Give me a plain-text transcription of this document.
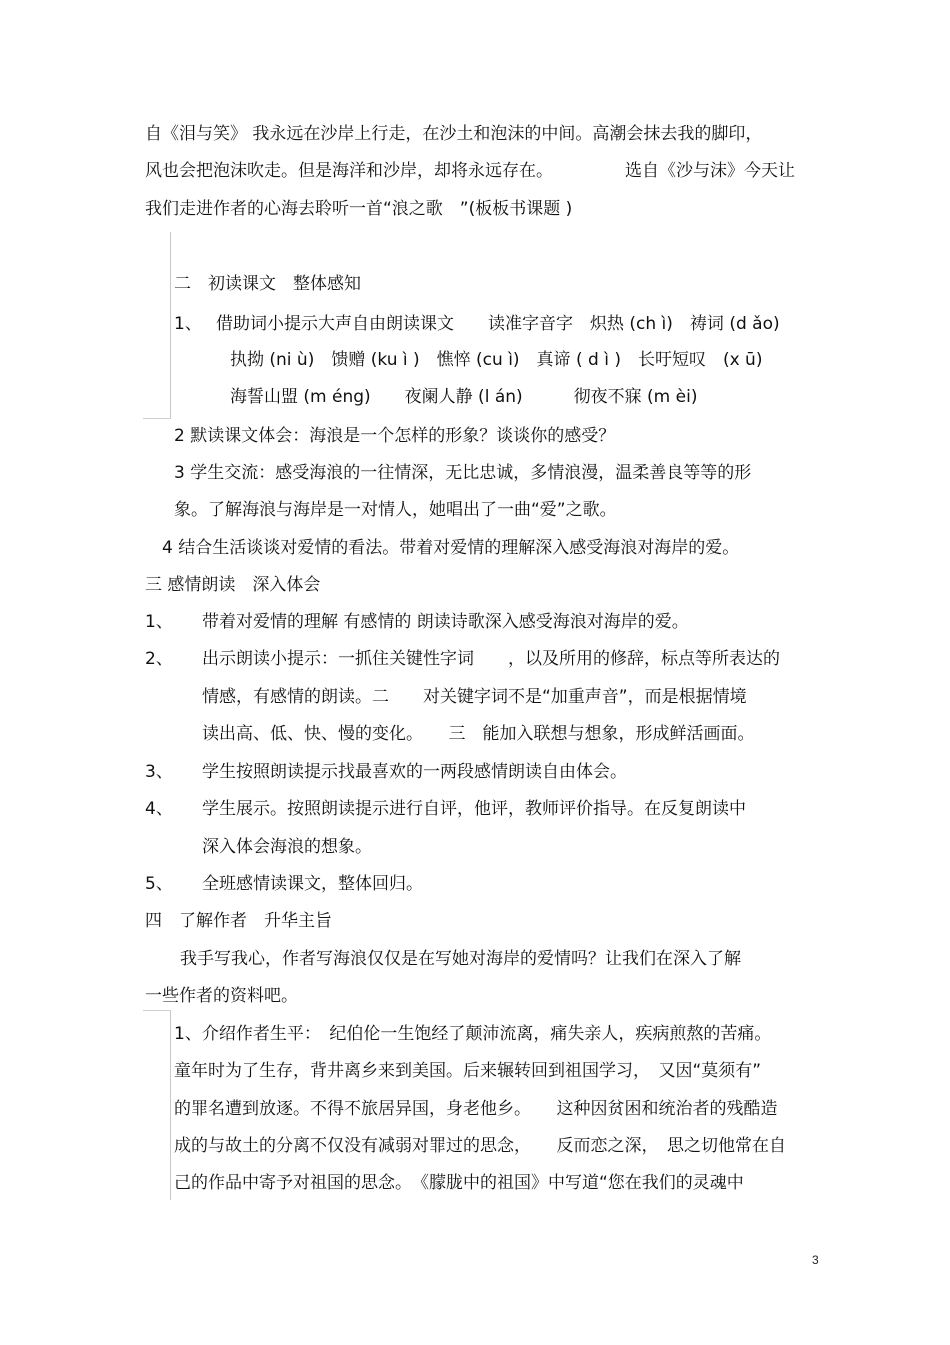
自《泪与笑》 我永远在沙岸上行走，在沙土和泡沫的中间。高潮会抹去我的脚印，
风也会把泡沫吹走。但是海洋和沙岸，却将永远存在。	选自《沙与沫》今天让
我们走进作者的心海去聆听一首“浪之歌　”(板板书课题 )
二　初读课文　整体感知
1、 借助词小提示大声自由朗读课文　　读准字音字　炽热 (ch ì)　祷词 (d ǎo)
执拗 (ni ù)　馈赠 (ku ì )　憔悴 (cu ì)　真谛 ( d ì )　长吁短叹　(x ū)
海誓山盟 (m éng)　　夜阑人静 (l án)　　　彻夜不寐 (m èi)
2 默读课文体会：海浪是一个怎样的形象？谈谈你的感受？
3 学生交流：感受海浪的一往情深，无比忠诚，多情浪漫，温柔善良等等的形
象。了解海浪与海岸是一对情人，她唱出了一曲“爱”之歌。
4 结合生活谈谈对爱情的看法。带着对爱情的理解深入感受海浪对海岸的爱。
三 感情朗读　深入体会
1、 带着对爱情的理解 有感情的 朗读诗歌深入感受海浪对海岸的爱。
2、 出示朗读小提示：一抓住关键性字词　　，以及所用的修辞，标点等所表达的
情感，有感情的朗读。二　　对关键字词不是“加重声音”，而是根据情境
读出高、低、快、慢的变化。　　三　能加入联想与想象，形成鲜活画面。
3、 学生按照朗读提示找最喜欢的一两段感情朗读自由体会。
4、 学生展示。按照朗读提示进行自评，他评，教师评价指导。在反复朗读中
深入体会海浪的想象。
5、 全班感情读课文，整体回归。
四　了解作者　升华主旨
我手写我心，作者写海浪仅仅是在写她对海岸的爱情吗？让我们在深入了解
一些作者的资料吧。
1、介绍作者生平：　纪伯伦一生饱经了颠沛流离，痛失亲人，疾病煎熬的苦痛。
童年时为了生存，背井离乡来到美国。后来辗转回到祖国学习，　又因“莫须有”
的罪名遭到放逐。不得不旅居异国，身老他乡。　　这种因贫困和统治者的残酷造
成的与故土的分离不仅没有减弱对罪过的思念，　　反而恋之深，　思之切他常在自
己的作品中寄予对祖国的思念。　《朦胧中的祖国》中写道“您在我们的灵魂中
3
